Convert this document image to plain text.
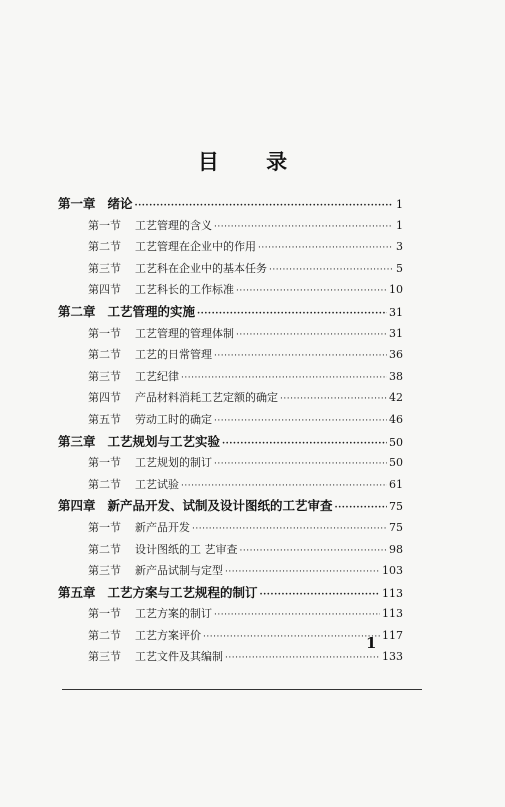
目 录
第一章 绪论 ·····	1
第一节 工艺管理的含义 ·····	1
第二节 工艺管理在企业中的作用 ·····	3
第三节 工艺科在企业中的基本任务 ·····	5
第四节 工艺科长的工作标准 ·····	10
第二章 工艺管理的实施 ·····	31
第一节 工艺管理的管理体制 ·····	31
第二节 工艺的日常管理 ·····	36
第三节 工艺纪律 ·····	38
第四节 产品材料消耗工艺定额的确定 ·····	42
第五节 劳动工时的确定 ·····	46
第三章 工艺规划与工艺实验 ·····	50
第一节 工艺规划的制订 ·····	50
第二节 工艺试验 ·····	61
第四章 新产品开发、试制及设计图纸的工艺审查 ·····	75
第一节 新产品开发 ·····	75
第二节 设计图纸的工 艺审查 ·····	98
第三节 新产品试制与定型 ·····	103
第五章 工艺方案与工艺规程的制订 ·····	113
第一节 工艺方案的制订 ·····	113
第二节 工艺方案评价 ·····	117
第三节 工艺文件及其编制 ·····	133
1
